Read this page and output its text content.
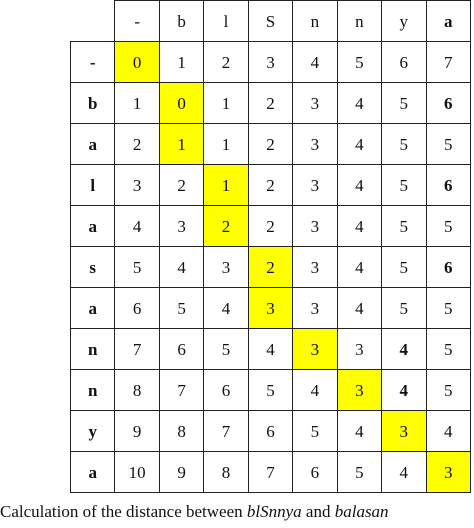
	-	b	l	S	n	n	y	a
-	0	1	2	3	4	5	6	7
b	1	0	1	2	3	4	5	6
a	2	1	1	2	3	4	5	5
l	3	2	1	2	3	4	5	6
a	4	3	2	2	3	4	5	5
s	5	4	3	2	3	4	5	6
a	6	5	4	3	3	4	5	5
n	7	6	5	4	3	3	4	5
n	8	7	6	5	4	3	4	5
y	9	8	7	6	5	4	3	4
a	10	9	8	7	6	5	4	3
Calculation of the distance between blSnnya and balasan
